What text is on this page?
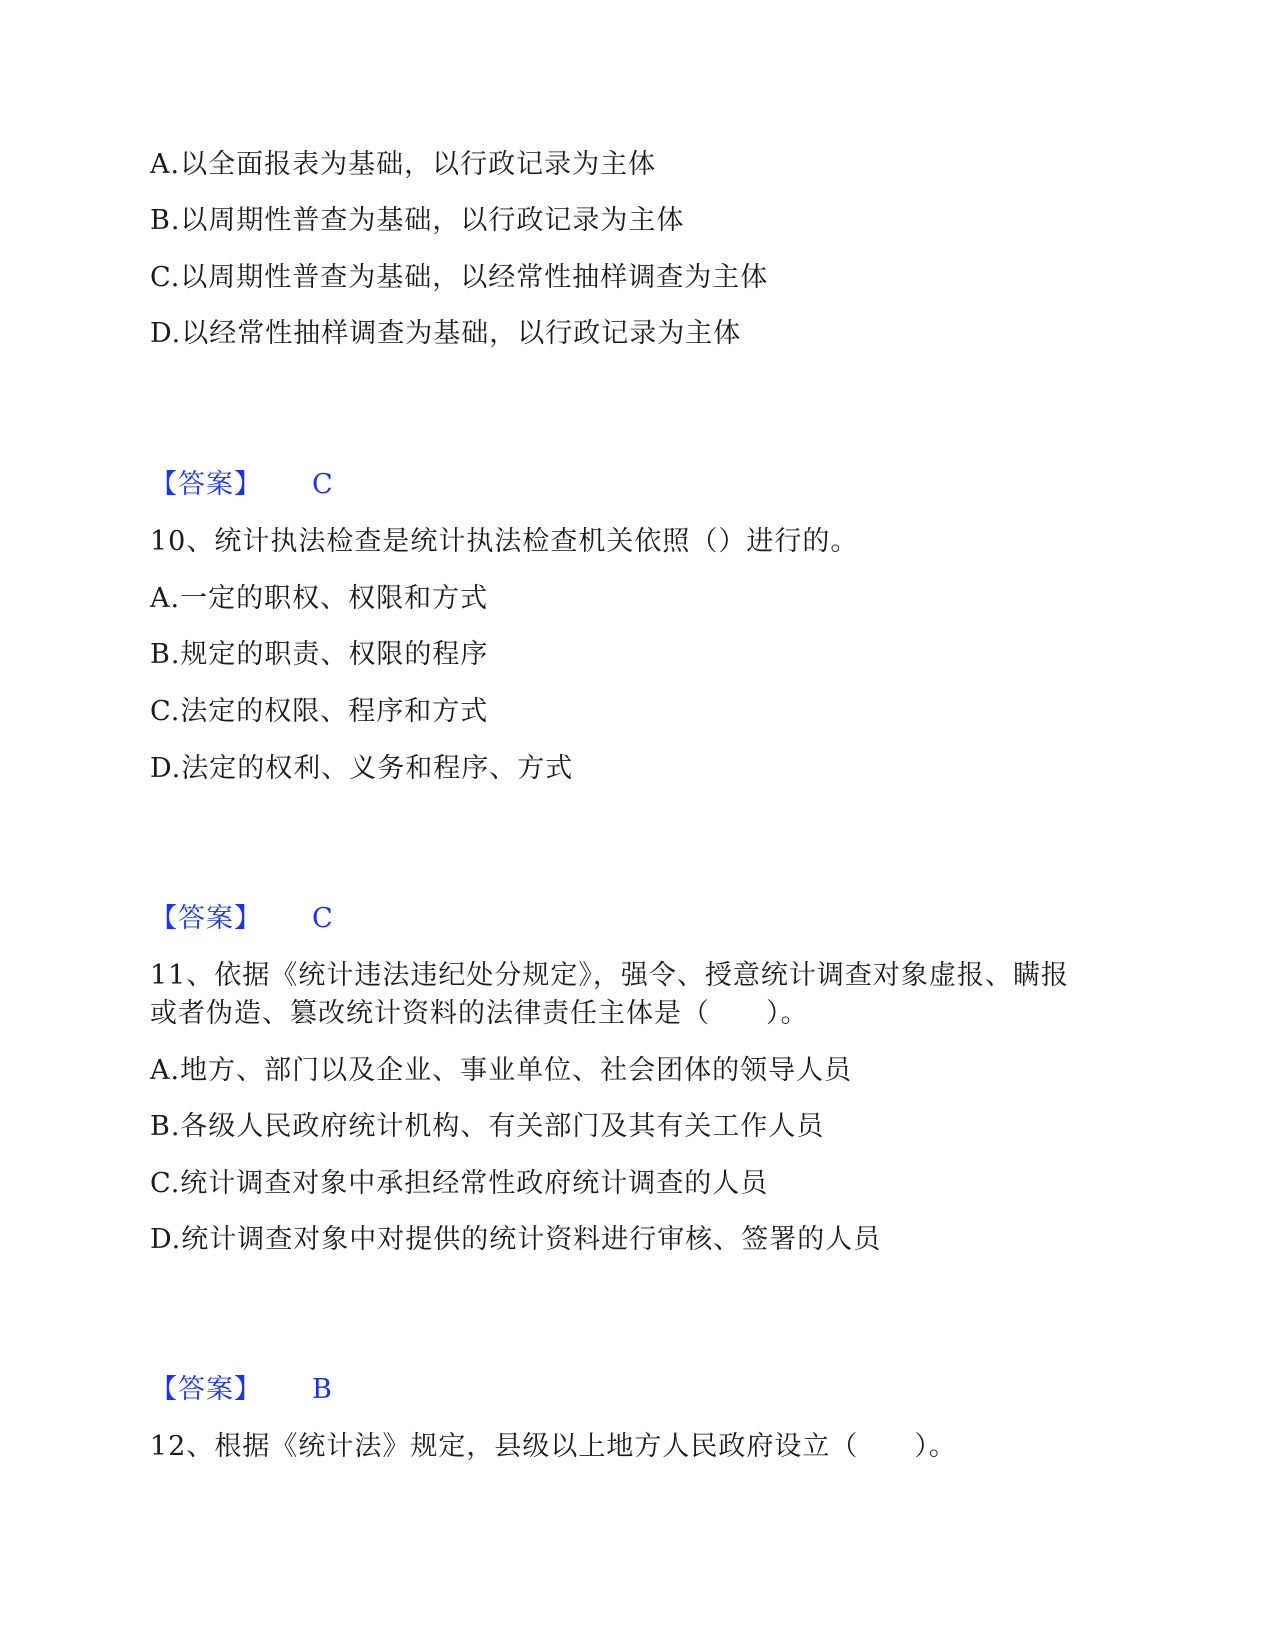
A.以全面报表为基础，以行政记录为主体
B.以周期性普查为基础，以行政记录为主体
C.以周期性普查为基础，以经常性抽样调查为主体
D.以经常性抽样调查为基础，以行政记录为主体
【答案】 C
10、统计执法检查是统计执法检查机关依照（）进行的。
A.一定的职权、权限和方式
B.规定的职责、权限的程序
C.法定的权限、程序和方式
D.法定的权利、义务和程序、方式
【答案】 C
11、依据《统计违法违纪处分规定》，强令、授意统计调查对象虚报、瞒报
或者伪造、篡改统计资料的法律责任主体是（　　）。
A.地方、部门以及企业、事业单位、社会团体的领导人员
B.各级人民政府统计机构、有关部门及其有关工作人员
C.统计调查对象中承担经常性政府统计调查的人员
D.统计调查对象中对提供的统计资料进行审核、签署的人员
【答案】 B
12、根据《统计法》规定，县级以上地方人民政府设立（　　）。
